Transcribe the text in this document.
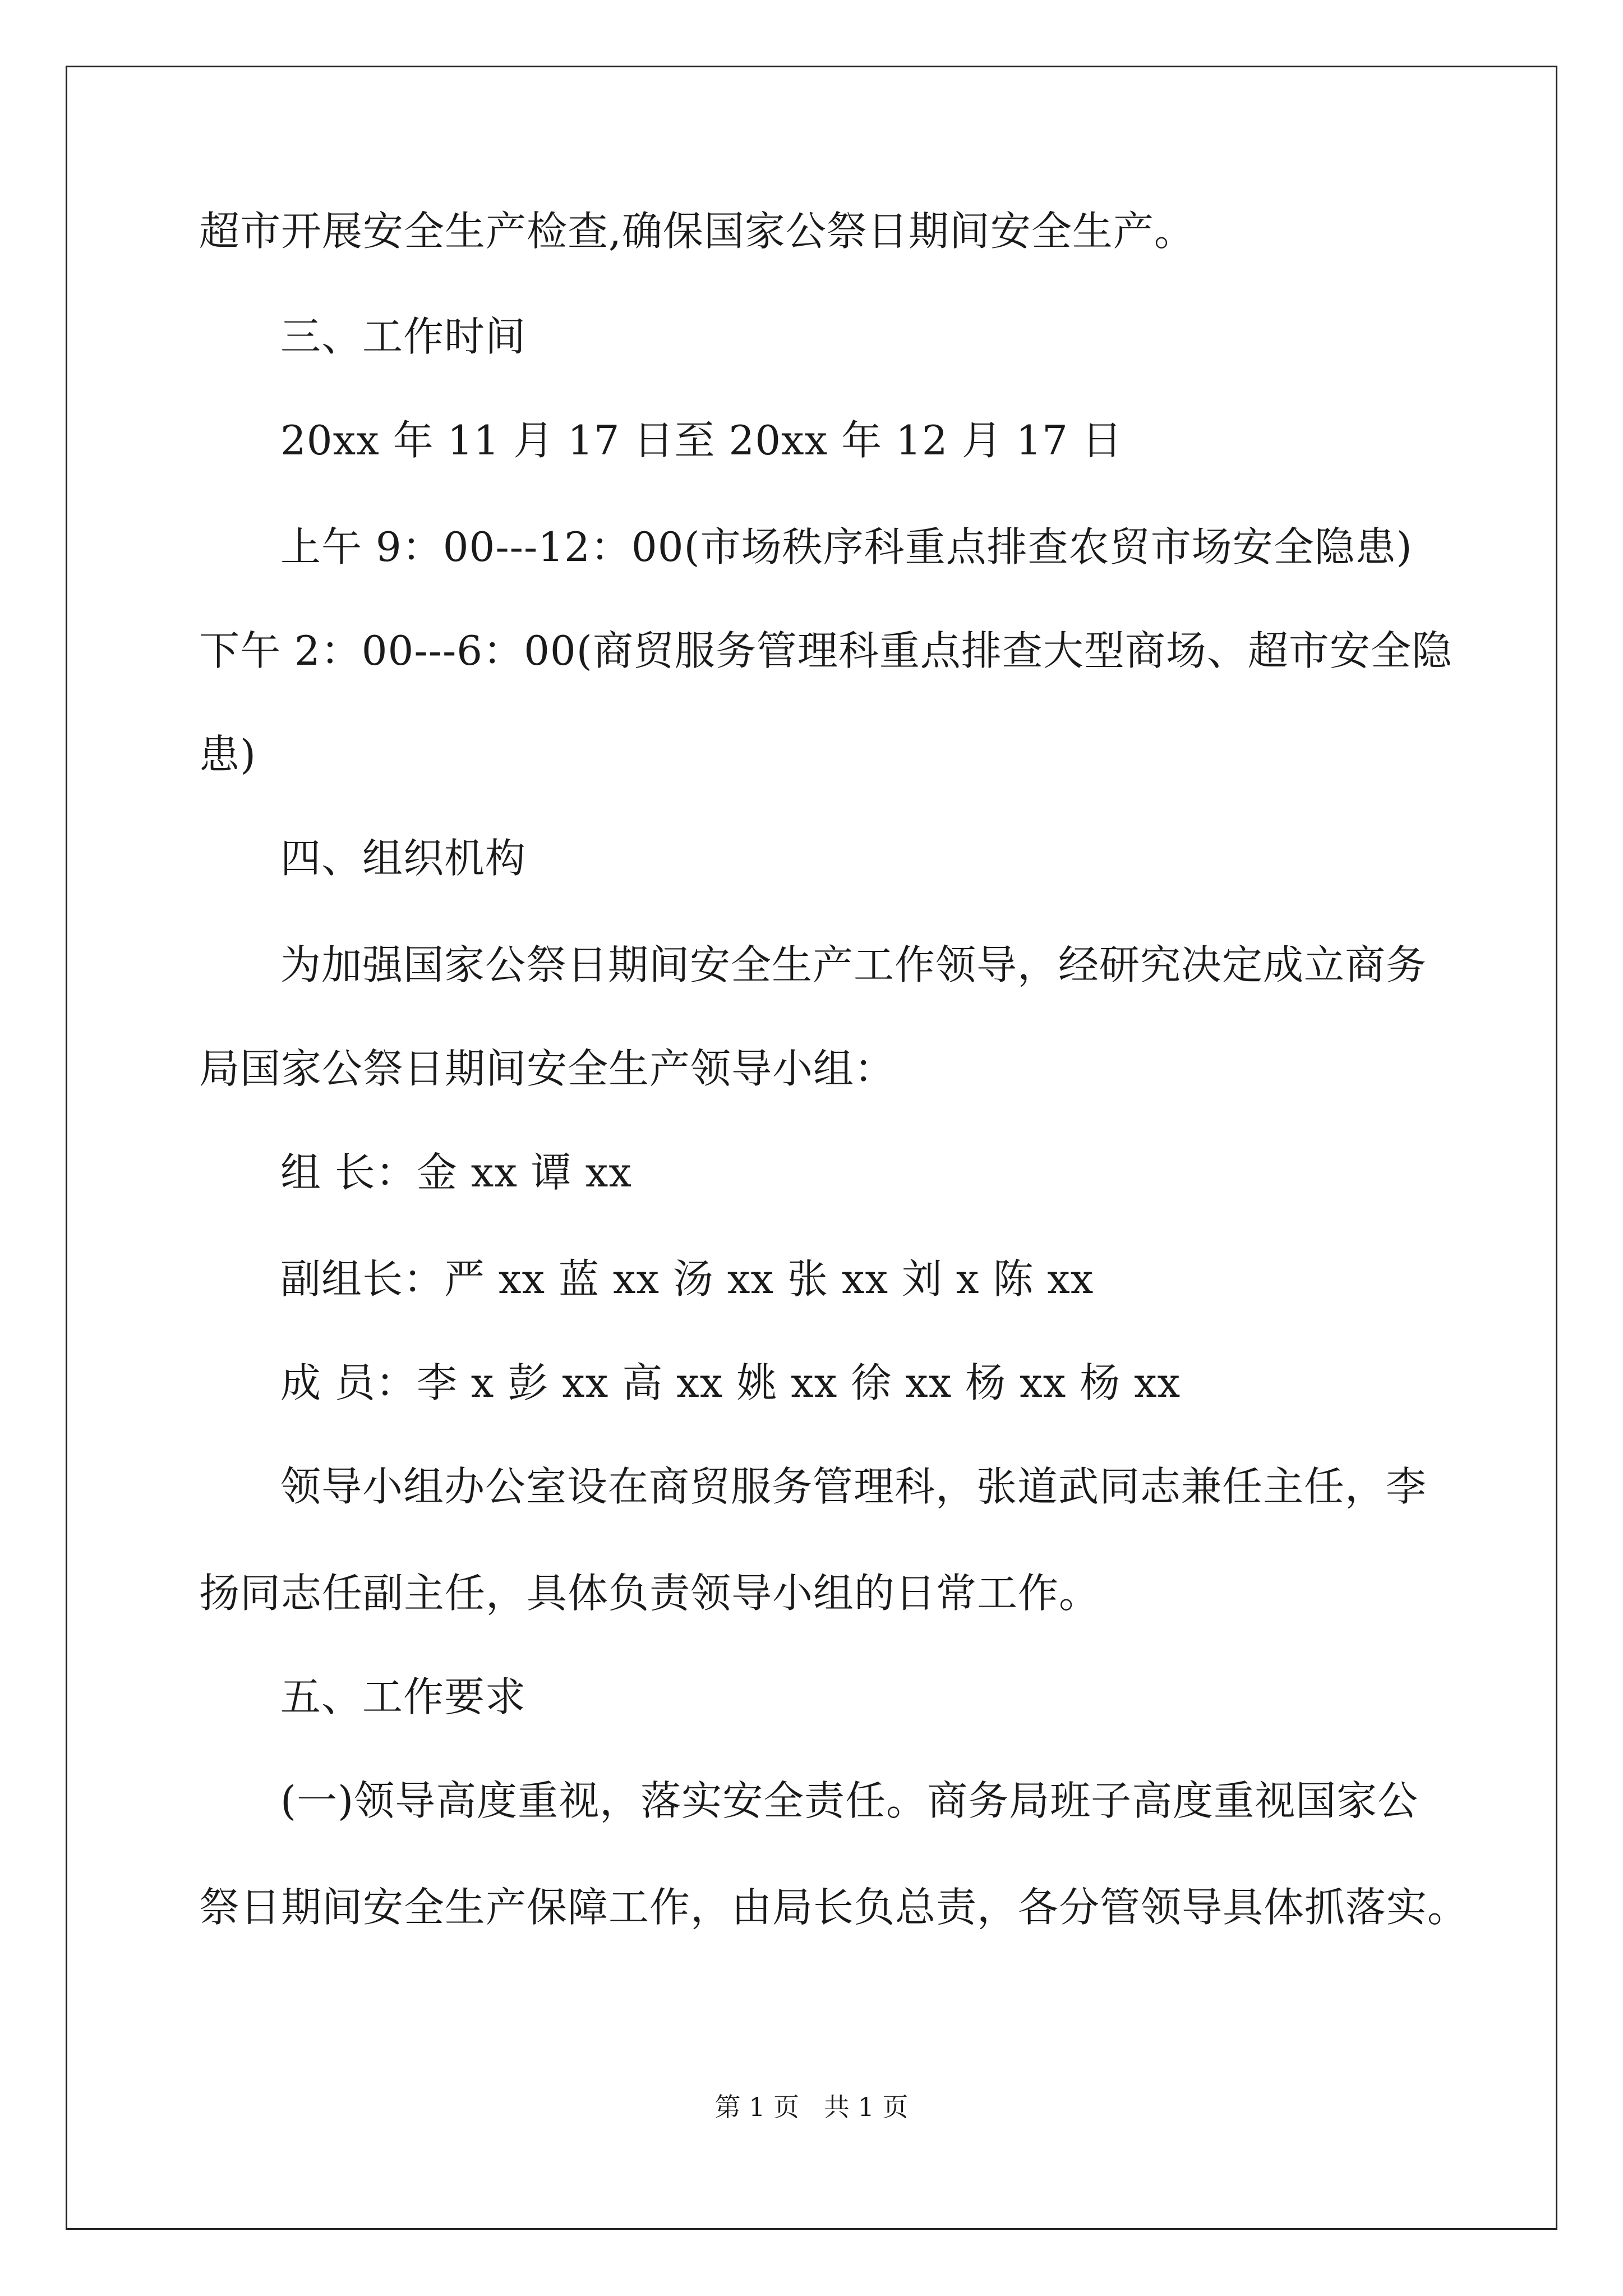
超市开展安全生产检查,确保国家公祭日期间安全生产。
三、工作时间
20xx 年 11 月 17 日至 20xx 年 12 月 17 日
上午 9：00---12：00(市场秩序科重点排查农贸市场安全隐患)
下午 2：00---6：00(商贸服务管理科重点排查大型商场、超市安全隐
患)
四、组织机构
为加强国家公祭日期间安全生产工作领导，经研究决定成立商务
局国家公祭日期间安全生产领导小组：
组 长：金 xx 谭 xx
副组长：严 xx 蓝 xx 汤 xx 张 xx 刘 x 陈 xx
成 员：李 x 彭 xx 高 xx 姚 xx 徐 xx 杨 xx 杨 xx
领导小组办公室设在商贸服务管理科，张道武同志兼任主任，李
扬同志任副主任，具体负责领导小组的日常工作。
五、工作要求
(一)领导高度重视，落实安全责任。商务局班子高度重视国家公
祭日期间安全生产保障工作，由局长负总责，各分管领导具体抓落实。
第 1 页   共 1 页
